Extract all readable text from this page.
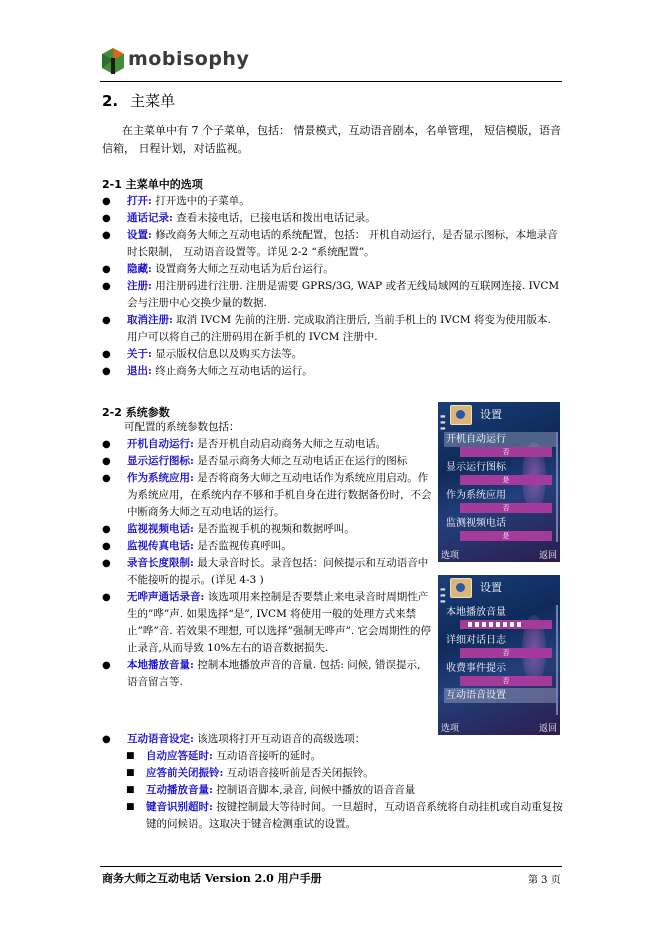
mobisophy
2. 主菜单
在主菜单中有 7 个子菜单，包括： 情景模式，互动语音剧本，名单管理， 短信模版，语音信箱， 日程计划，对话监视。
2-1 主菜单中的选项
● 打开: 打开选中的子菜单。
● 通话记录: 查看未接电话，已接电话和拨出电话记录。
● 设置: 修改商务大师之互动电话的系统配置，包括： 开机自动运行，是否显示图标，本地录音时长限制， 互动语音设置等。详见 2-2 “系统配置”。
● 隐藏: 设置商务大师之互动电话为后台运行。
● 注册: 用注册码进行注册. 注册是需要 GPRS/3G, WAP 或者无线局域网的互联网连接. IVCM 会与注册中心交换少量的数据.
● 取消注册: 取消 IVCM 先前的注册. 完成取消注册后, 当前手机上的 IVCM 将变为使用版本. 用户可以将自己的注册码用在新手机的 IVCM 注册中.
● 关于: 显示版权信息以及购买方法等。
● 退出: 终止商务大师之互动电话的运行。
2-2 系统参数
可配置的系统参数包括：
● 开机自动运行: 是否开机自动启动商务大师之互动电话。
● 显示运行图标: 是否显示商务大师之互动电话正在运行的图标
● 作为系统应用: 是否将商务大师之互动电话作为系统应用启动。作为系统应用，在系统内存不够和手机自身在进行数据备份时，不会中断商务大师之互动电话的运行。
● 监视视频电话: 是否监视手机的视频和数据呼叫。
● 监视传真电话: 是否监视传真呼叫。
● 录音长度限制: 最大录音时长。录音包括：问候提示和互动语音中不能接听的提示。(详见 4-3 )
● 无哗声通话录音: 该选项用来控制是否要禁止来电录音时周期性产生的”哗”声. 如果选择“是”, IVCM 将使用一般的处理方式来禁止”哗”音. 若效果不理想, 可以选择”强制无哗声”. 它会周期性的停止录音,从而导致 10%左右的语音数据损失.
● 本地播放音量: 控制本地播放声音的音量. 包括: 问候, 错误提示, 语音留言等.
● 互动语音设定: 该选项将打开互动语音的高级选项：
■ 自动应答延时: 互动语音接听的延时。
■ 应答前关闭振铃: 互动语音接听前是否关闭振铃。
■ 互动播放音量: 控制语音脚本,录音, 问候中播放的语音音量
■ 键音识别超时: 按键控制最大等待时间。一旦超时，互动语音系统将自动挂机或自动重复按键的问候语。这取决于键音检测重试的设置。
▬
▬
▬
设置
开机自动运行
否
显示运行图标
是
作为系统应用
否
监测视频电话
是
选项	返回
▬
▬
▬
设置
本地播放音量
详细对话日志
否
收费事件提示
否
互动语音设置
选项	返回
商务大师之互动电话 Version 2.0 用户手册	第 3 页
